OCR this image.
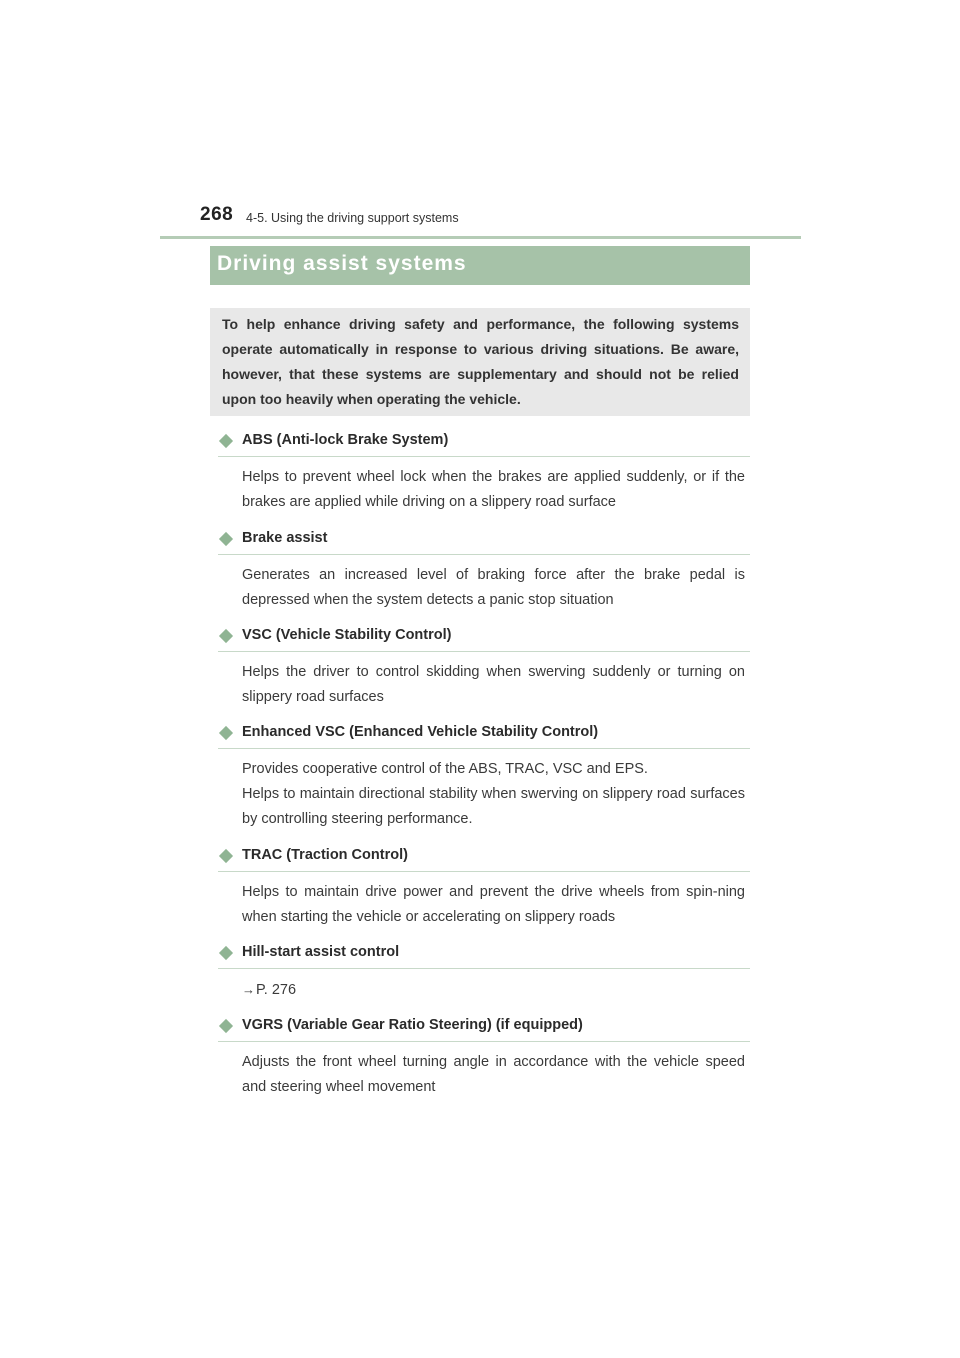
268 4-5. Using the driving support systems
Driving assist systems
To help enhance driving safety and performance, the following systems operate automatically in response to various driving situations. Be aware, however, that these systems are supplementary and should not be relied upon too heavily when operating the vehicle.
ABS (Anti-lock Brake System)

Helps to prevent wheel lock when the brakes are applied suddenly, or if the brakes are applied while driving on a slippery road surface

Brake assist

Generates an increased level of braking force after the brake pedal is depressed when the system detects a panic stop situation

VSC (Vehicle Stability Control)

Helps the driver to control skidding when swerving suddenly or turning on slippery road surfaces

Enhanced VSC (Enhanced Vehicle Stability Control)

Provides cooperative control of the ABS, TRAC, VSC and EPS.

Helps to maintain directional stability when swerving on slippery road surfaces by controlling steering performance.

TRAC (Traction Control)

Helps to maintain drive power and prevent the drive wheels from spin-ning when starting the vehicle or accelerating on slippery roads

Hill-start assist control

→P. 276

VGRS (Variable Gear Ratio Steering) (if equipped)

Adjusts the front wheel turning angle in accordance with the vehicle speed and steering wheel movement
